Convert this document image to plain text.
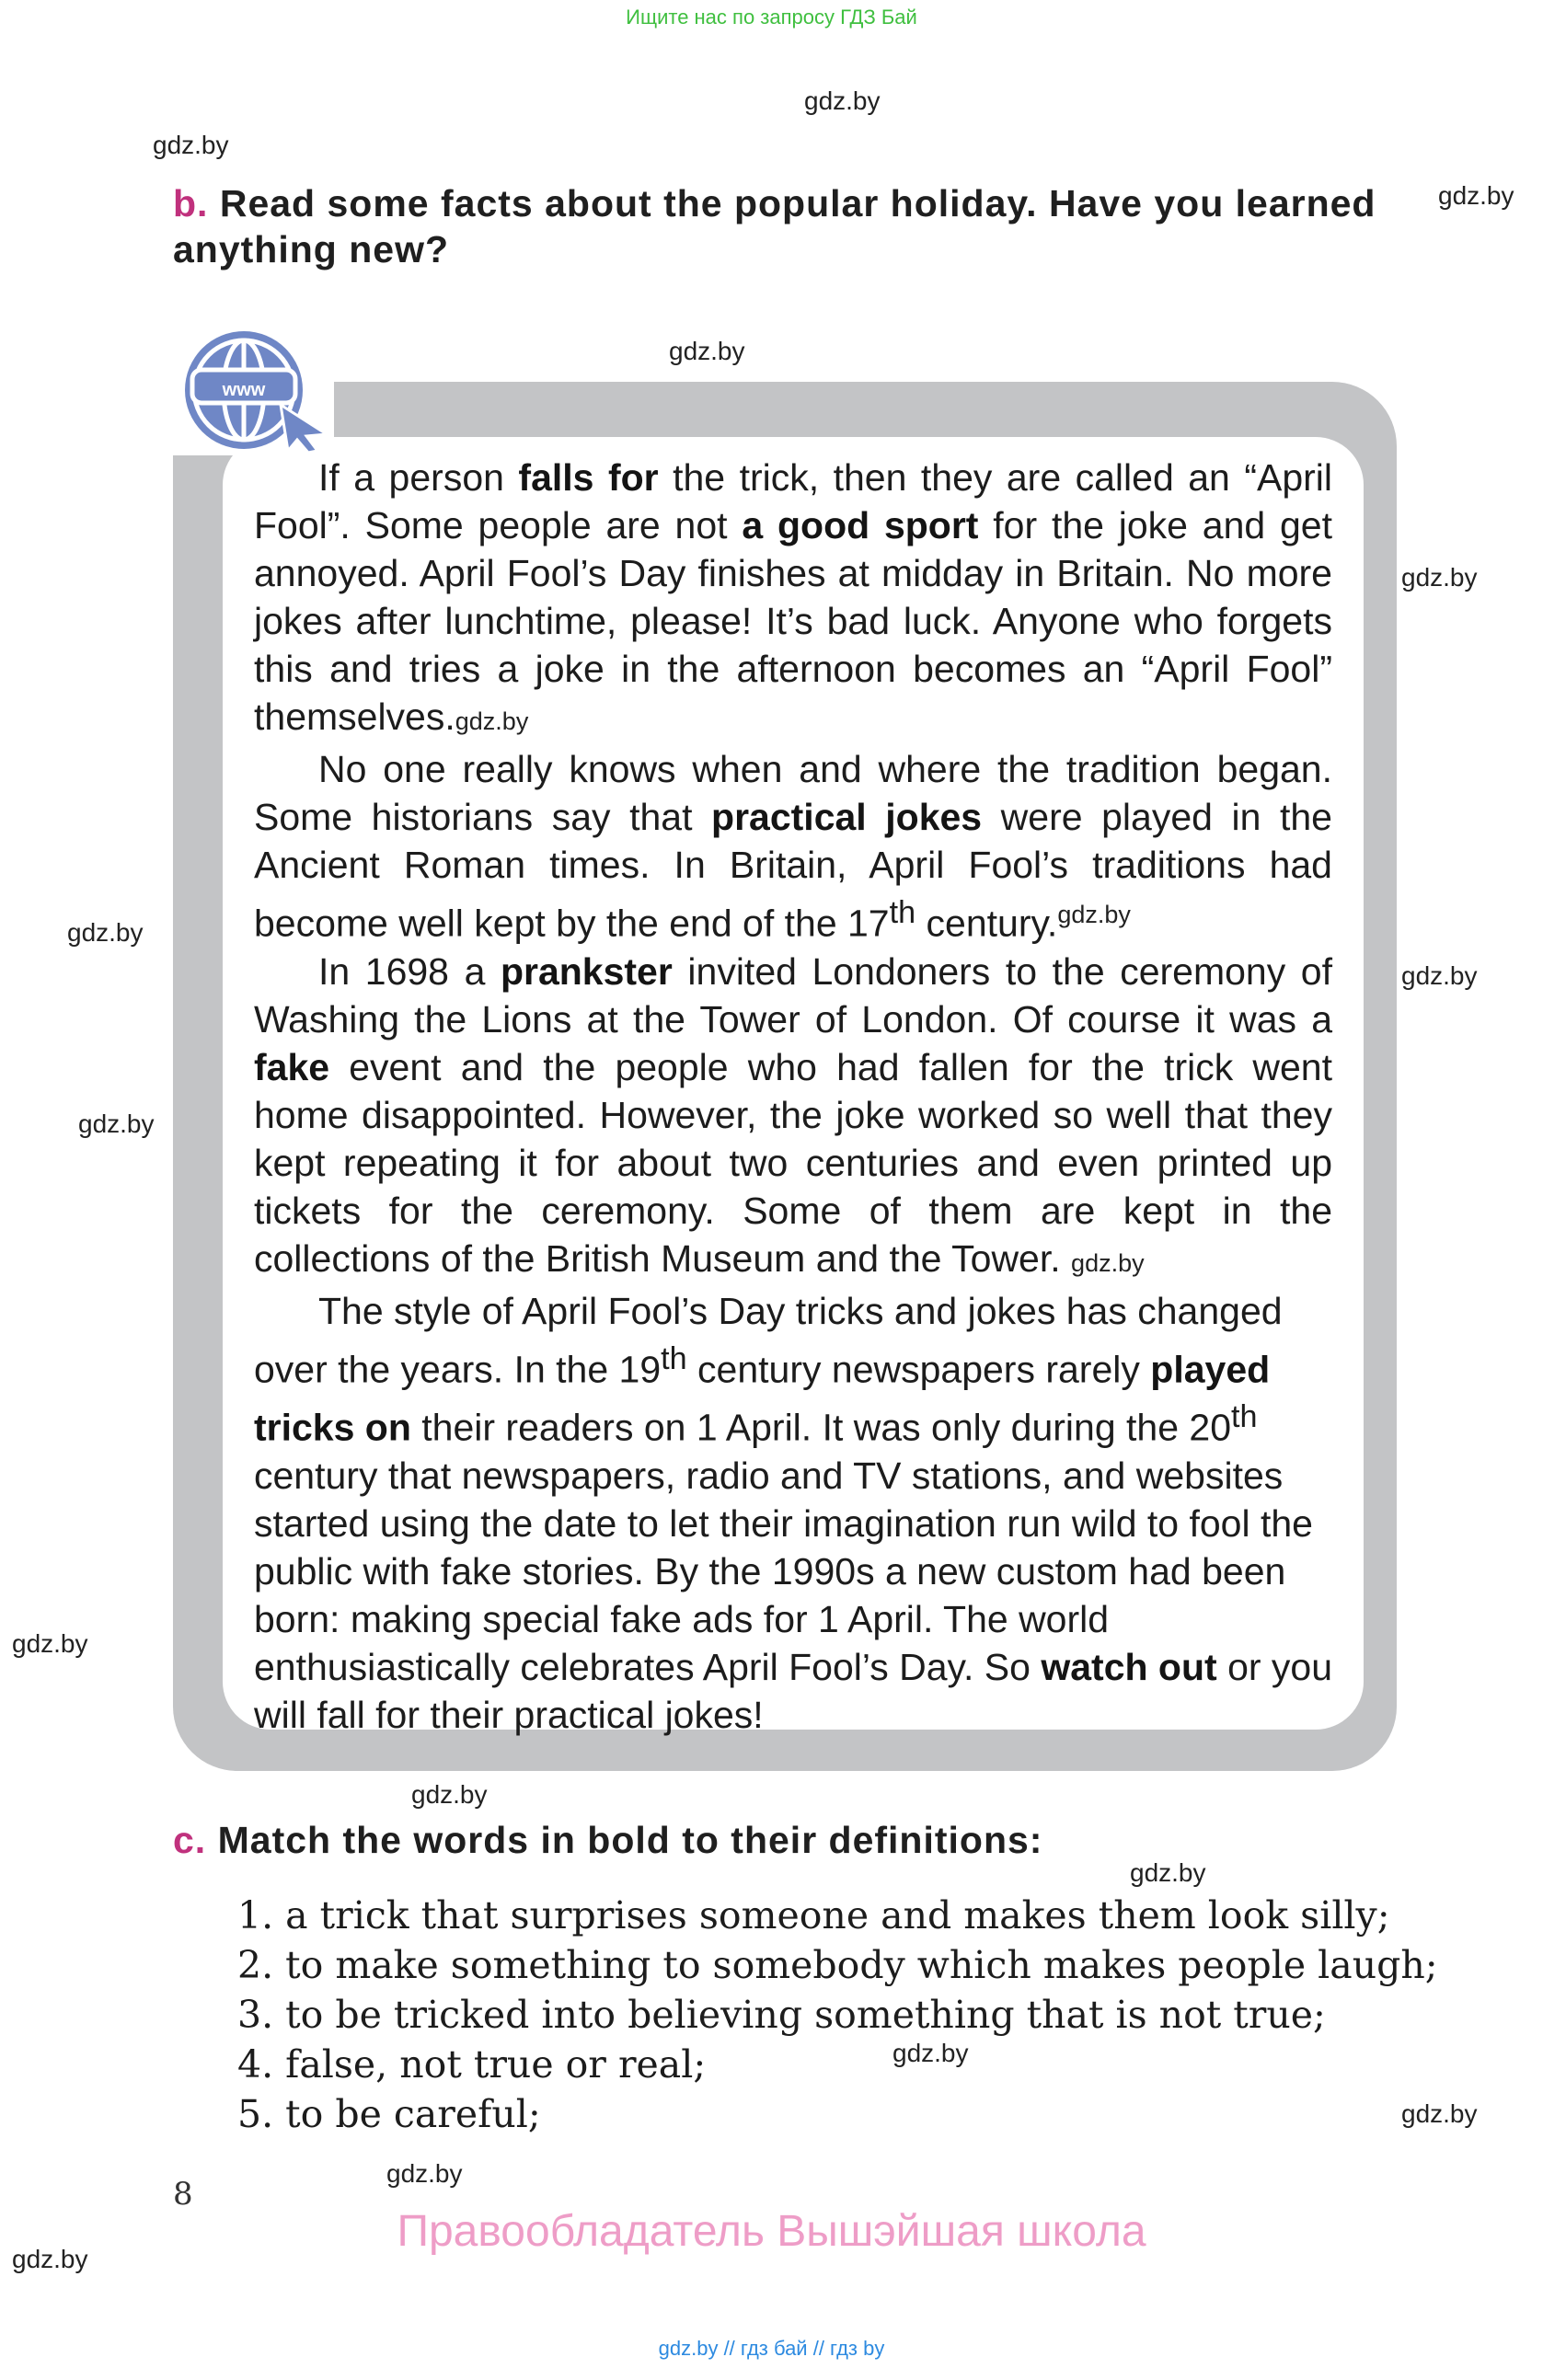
Ищите нас по запросу ГДЗ Бай
gdz.by
gdz.by
gdz.by
gdz.by
gdz.by
gdz.by
gdz.by
gdz.by
gdz.by
gdz.by
gdz.by
gdz.by
gdz.by
gdz.by
gdz.by
b. Read some facts about the popular holiday. Have you learned anything new?
www

If a person falls for the trick, then they are called an “April Fool”. Some people are not a good sport for the joke and get annoyed. April Fool’s Day finishes at midday in Britain. No more jokes after lunchtime, please! It’s bad luck. Anyone who forgets this and tries a joke in the afternoon becomes an “April Fool” themselves.gdz.by

No one really knows when and where the tradition began. Some historians say that practical jokes were played in the Ancient Roman times. In Britain, April Fool’s traditions had become well kept by the end of the 17th century.$^{gdz.by}$

In 1698 a prankster invited Londoners to the ceremony of Washing the Lions at the Tower of London. Of course it was a fake event and the people who had fallen for the trick went home disappointed. However, the joke worked so well that they kept repeating it for about two centuries and even printed up tickets for the ceremony. Some of them are kept in the collections of the British Museum and the Tower. gdz.by

The style of April Fool’s Day tricks and jokes has changed over the years. In the 19th century newspapers rarely played tricks on their readers on 1 April. It was only during the 20th century that newspapers, radio and TV stations, and websites started using the date to let their imagination run wild to fool the public with fake stories. By the 1990s a new custom had been born: making special fake ads for 1 April. The world enthusiastically celebrates April Fool’s Day. So watch out or you will fall for their practical jokes!

c. Match the words in bold to their definitions:
1. a trick that surprises someone and makes them look silly;
2. to make something to somebody which makes people laugh;
3. to be tricked into believing something that is not true;
4. false, not true or real;
5. to be careful;
8
Правообладатель Вышэйшая школа
gdz.by // гдз бай // гдз by
